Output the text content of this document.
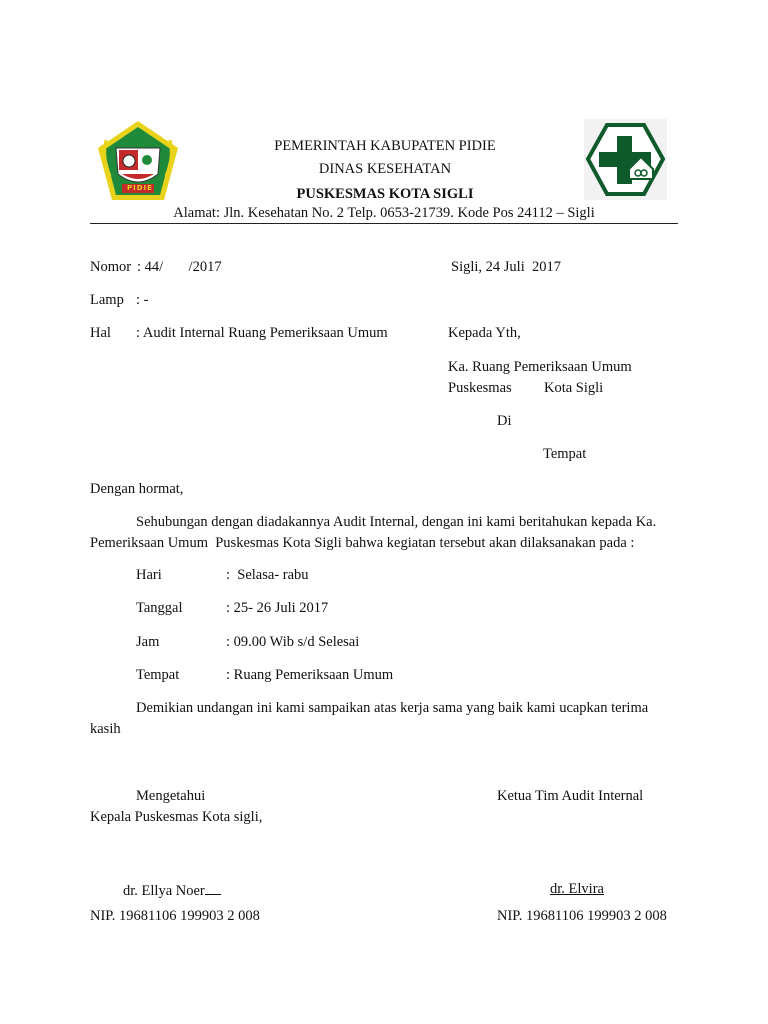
PIDIE
PEMERINTAH KABUPATEN PIDIE
DINAS KESEHATAN
PUSKESMAS KOTA SIGLI
Alamat: Jln. Kesehatan No. 2 Telp. 0653-21739. Kode Pos 24112 – Sigli
Nomor : 44/       /2017	Sigli, 24 Juli  2017
Lamp : -
Hal : Audit Internal Ruang Pemeriksaan Umum	Kepada Yth,
Ka. Ruang Pemeriksaan Umum
Puskesmas Kota Sigli
Di
Tempat
Dengan hormat,
Sehubungan dengan diadakannya Audit Internal, dengan ini kami beritahukan kepada Ka.
Pemeriksaan Umum  Puskesmas Kota Sigli bahwa kegiatan tersebut akan dilaksanakan pada :
Hari	:  Selasa- rabu
Tanggal	: 25- 26 Juli 2017
Jam	: 09.00 Wib s/d Selesai
Tempat	: Ruang Pemeriksaan Umum
Demikian undangan ini kami sampaikan atas kerja sama yang baik kami ucapkan terima
kasih
Mengetahui
Kepala Puskesmas Kota sigli,
Ketua Tim Audit Internal
dr. Ellya Noer	dr. Elvira
NIP. 19681106 199903 2 008	NIP. 19681106 199903 2 008
